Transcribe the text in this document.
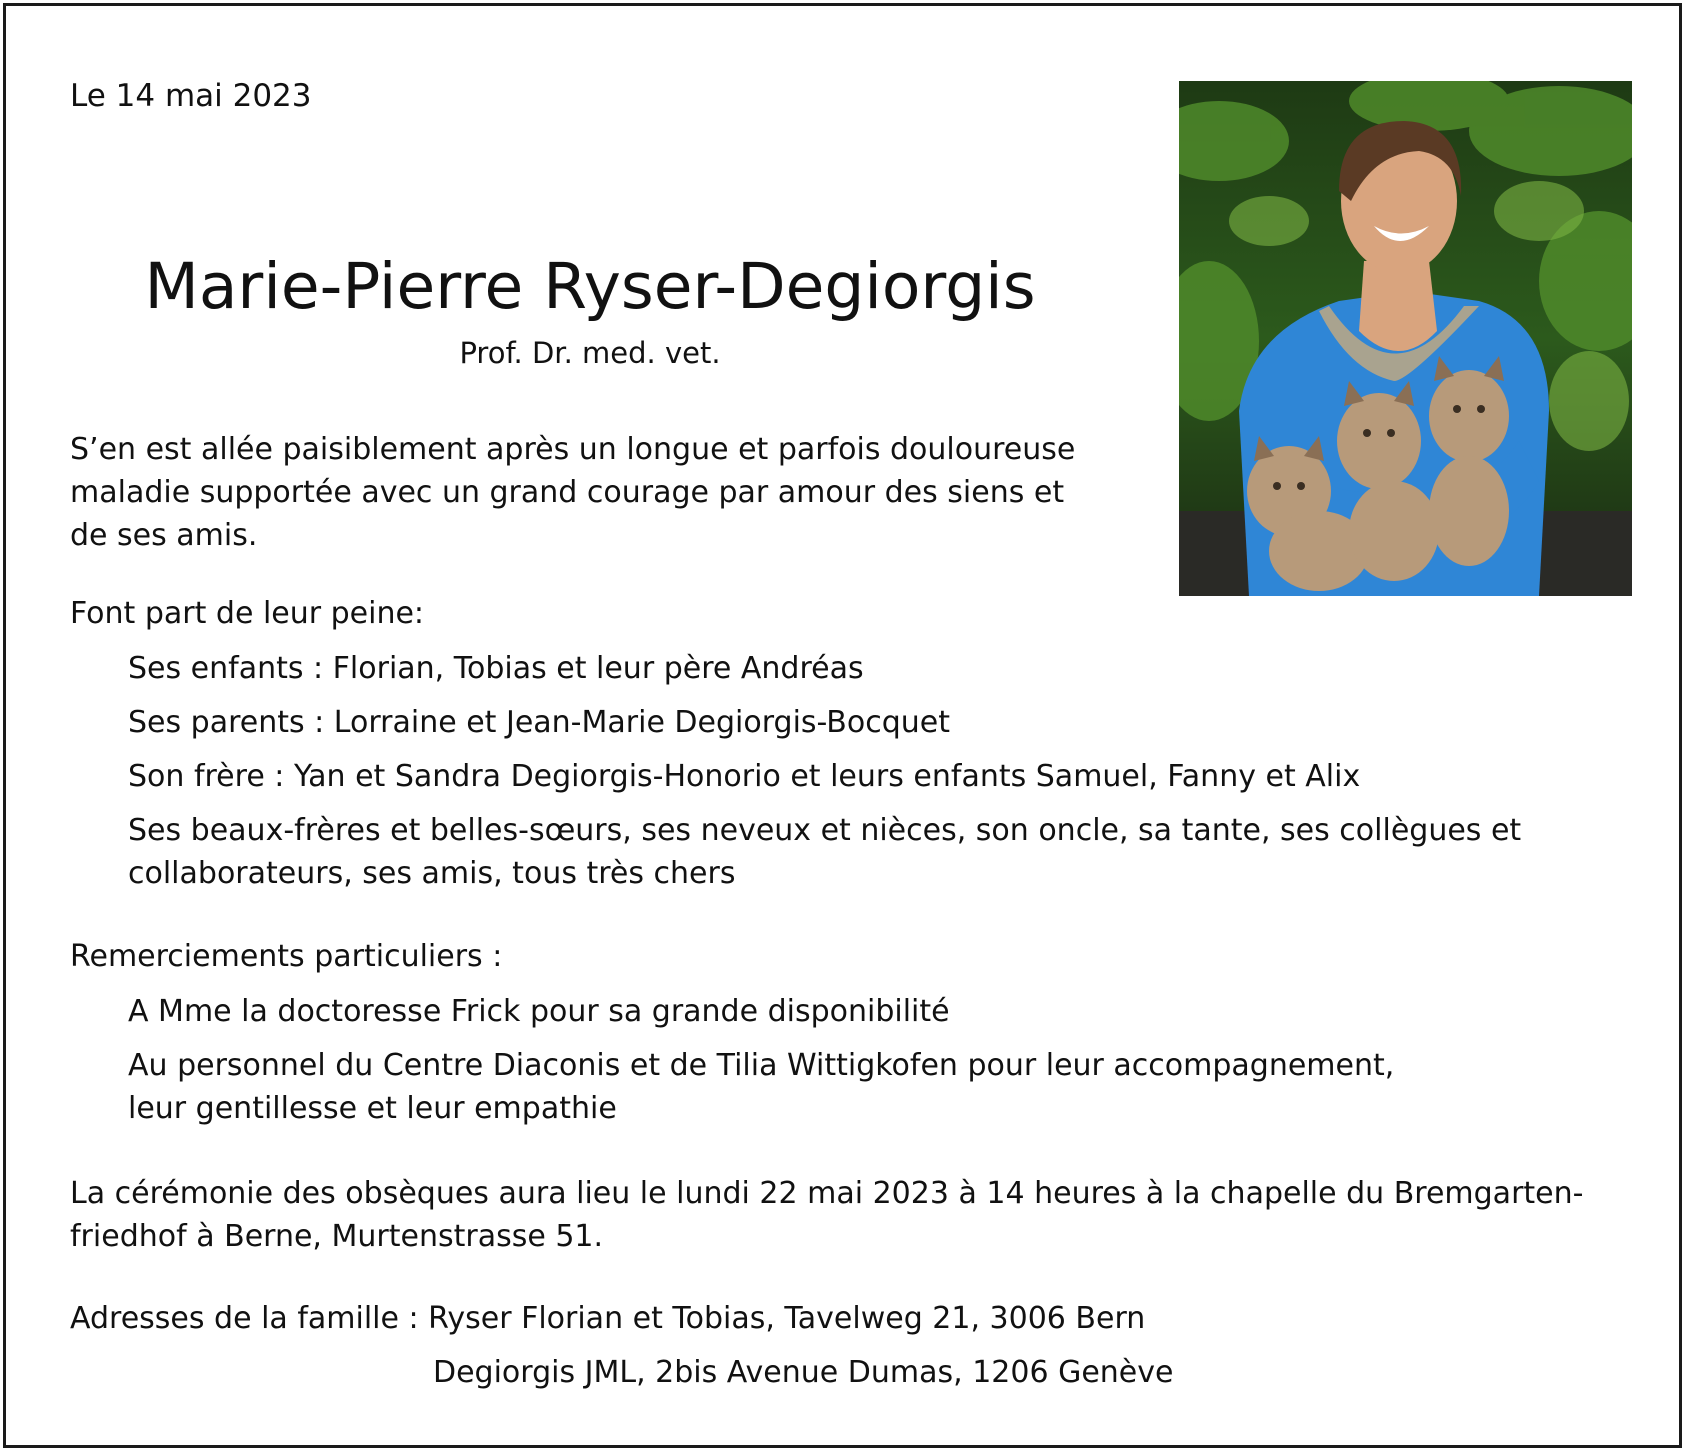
Le 14 mai 2023
Marie-Pierre Ryser-Degiorgis
Prof. Dr. med. vet.
S’en est allée paisiblement après un longue et parfois douloureuse
maladie supportée avec un grand courage par amour des siens et
de ses amis.
Font part de leur peine:
Ses enfants : Florian, Tobias et leur père Andréas
Ses parents : Lorraine et Jean-Marie Degiorgis-Bocquet
Son frère : Yan et Sandra Degiorgis-Honorio et leurs enfants Samuel, Fanny et Alix
Ses beaux-frères et belles-sœurs, ses neveux et nièces, son oncle, sa tante, ses collègues et
collaborateurs, ses amis, tous très chers
Remerciements particuliers :
A Mme la doctoresse Frick pour sa grande disponibilité
Au personnel du Centre Diaconis et de Tilia Wittigkofen pour leur accompagnement,
leur gentillesse et leur empathie
La cérémonie des obsèques aura lieu le lundi 22 mai 2023 à 14 heures à la chapelle du Bremgarten-
friedhof à Berne, Murtenstrasse 51.
Adresses de la famille : Ryser Florian et Tobias, Tavelweg 21, 3006 Bern
Degiorgis JML, 2bis Avenue Dumas, 1206 Genève
